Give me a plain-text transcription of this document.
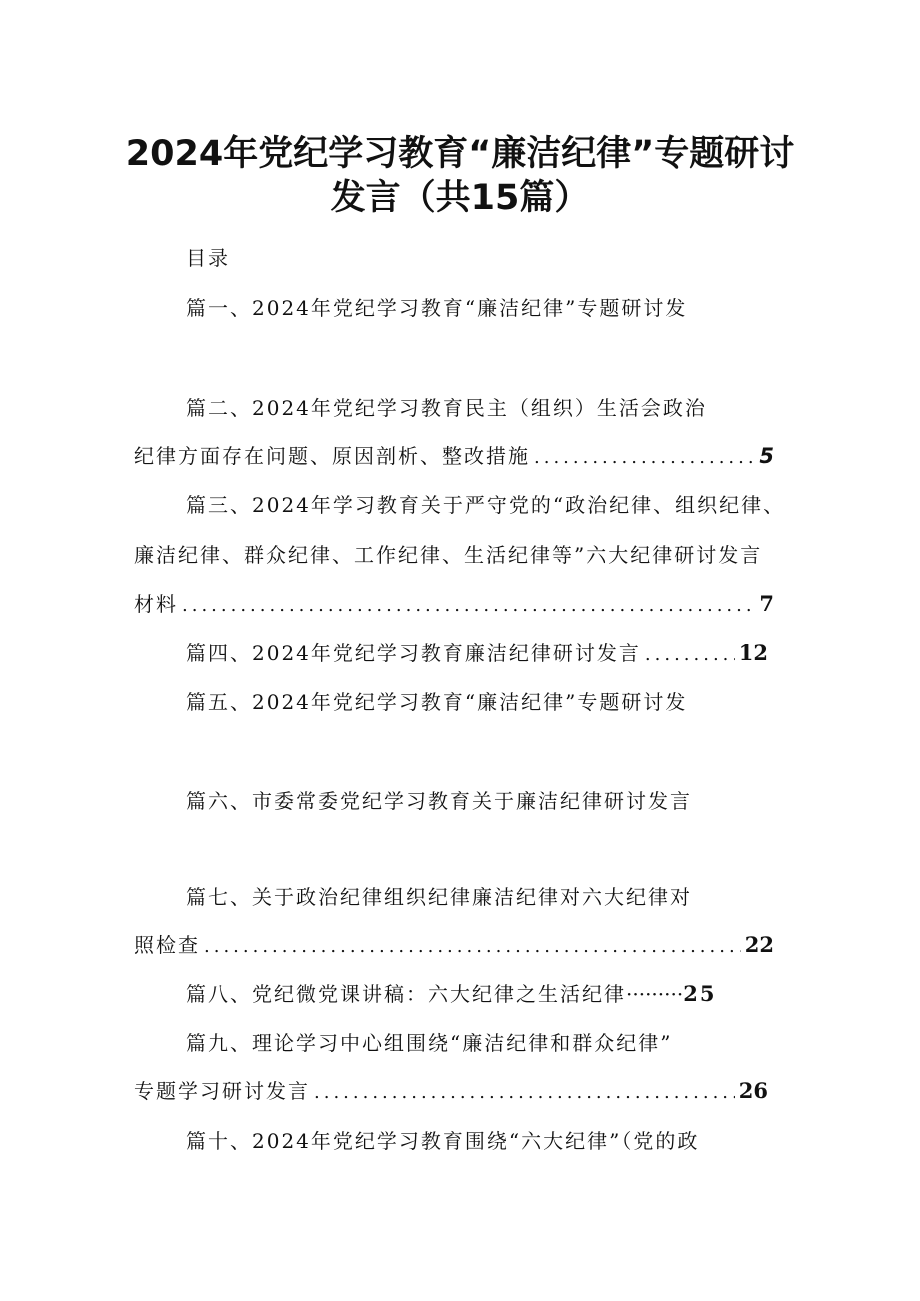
2024年党纪学习教育“廉洁纪律”专题研讨
发言（共15篇）
目录
篇一、2024年党纪学习教育“廉洁纪律”专题研讨发
篇二、2024年党纪学习教育民主（组织）生活会政治
纪律方面存在问题、原因剖析、整改措施 .....	5
篇三、2024年学习教育关于严守党的“政治纪律、组织纪律、
廉洁纪律、群众纪律、工作纪律、生活纪律等”六大纪律研讨发言
材料 .....	7
篇四、2024年党纪学习教育廉洁纪律研讨发言 .....	12
篇五、2024年党纪学习教育“廉洁纪律”专题研讨发
篇六、市委常委党纪学习教育关于廉洁纪律研讨发言
篇七、关于政治纪律组织纪律廉洁纪律对六大纪律对
照检查 .....	22
篇八、党纪微党课讲稿：六大纪律之生活纪律·········25
篇九、理论学习中心组围绕“廉洁纪律和群众纪律”
专题学习研讨发言 .....	26
篇十、2024年党纪学习教育围绕“六大纪律”（党的政
